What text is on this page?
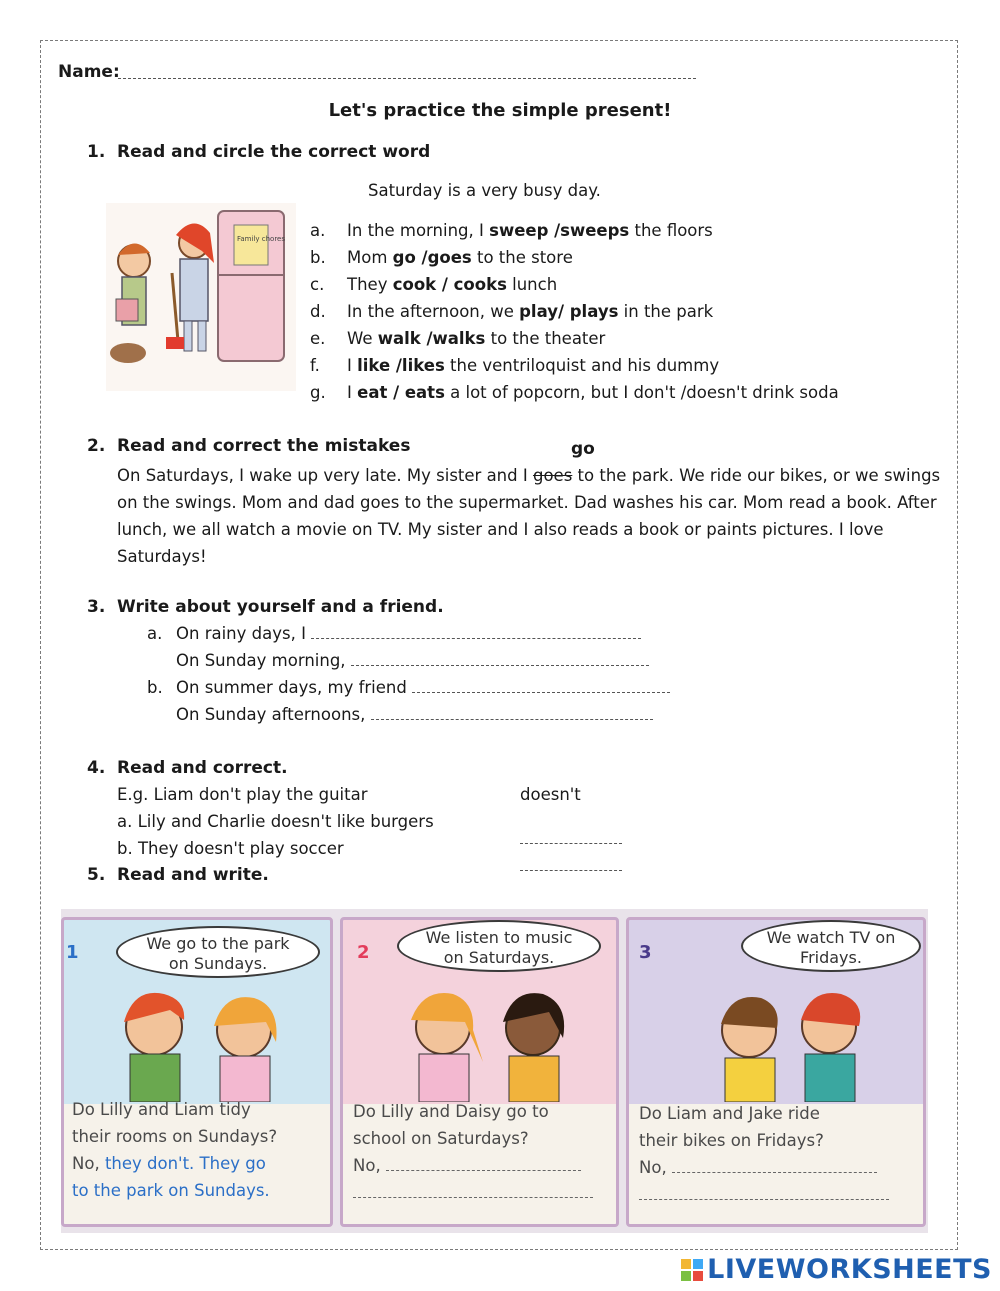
Name:
Let's practice the simple present!
1. Read and circle the correct word
Saturday is a very busy day.
Family chores a. In the morning, I sweep /sweeps the floors
b. Mom go /goes to the store
c. They cook / cooks lunch
d. In the afternoon, we play/ plays in the park
e. We walk /walks to the theater
f. I like /likes the ventriloquist and his dummy
g. I eat / eats a lot of popcorn, but I don't /doesn't drink soda
2. Read and correct the mistakes	go
On Saturdays, I wake up very late. My sister and I goes to the park. We ride our bikes, or we swings on the swings. Mom and dad goes to the supermarket. Dad washes his car. Mom read a book. After lunch, we all watch a movie on TV. My sister and I also reads a book or paints pictures. I love Saturdays!
3. Write about yourself and a friend.
a. On rainy days, I
On Sunday morning,
b. On summer days, my friend
On Sunday afternoons,
4. Read and correct.
E.g. Liam don't play the guitar	doesn't
a. Lily and Charlie doesn't like burgers
b. They doesn't play soccer
5. Read and write.
1	We go to the park
on Sundays.
Do Lilly and Liam tidy
their rooms on Sundays?
No, they don't. They go
to the park on Sundays.
2
We listen to music
on Saturdays.
Do Lilly and Daisy go to
school on Saturdays?
No,
3
We watch TV on
Fridays.
Do Liam and Jake ride
their bikes on Fridays?
No,
LIVEWORKSHEETS
